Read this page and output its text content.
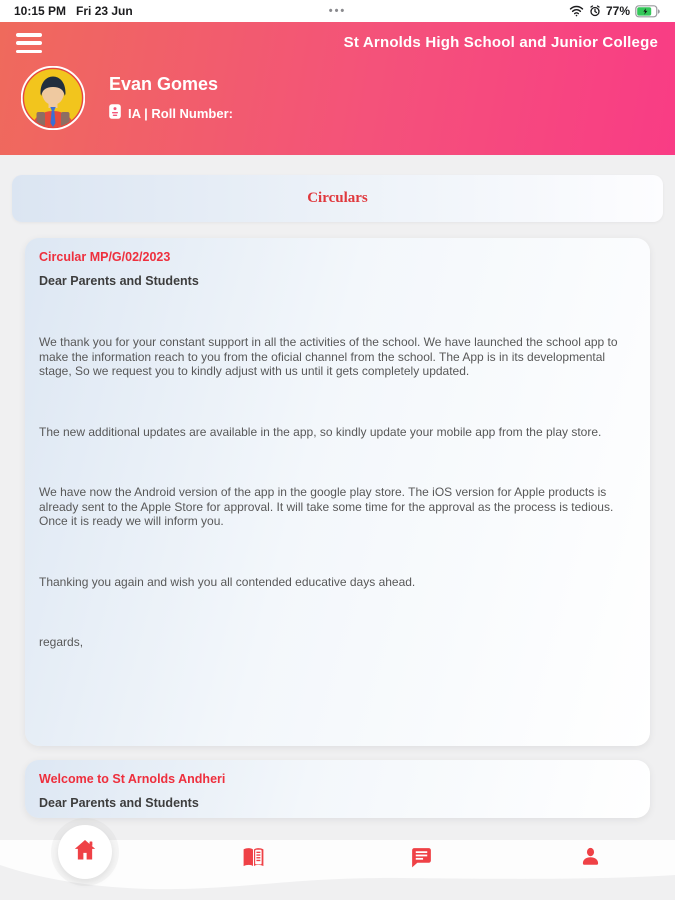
10:15 PM Fri 23 Jun	•••	77%
St Arnolds High School and Junior College
Evan Gomes
IA | Roll Number:
Circulars

Circular MP/G/02/2023

Dear Parents and Students

We thank you for your constant support in all the activities of the school. We have launched the school app to make the information reach to you from the oficial channel from the school. The App is in its developmental stage, So we request you to kindly adjust with us until it gets completely updated.

The new additional updates are available in the app, so kindly update your mobile app from the play store.

We have now the Android version of the app in the google play store. The iOS version for Apple products is already sent to the Apple Store for approval. It will take some time for the approval as the process is tedious. Once it is ready we will inform you.

Thanking you again and wish you all contended educative days ahead.

regards,

Welcome to St Arnolds Andheri

Dear Parents and Students
